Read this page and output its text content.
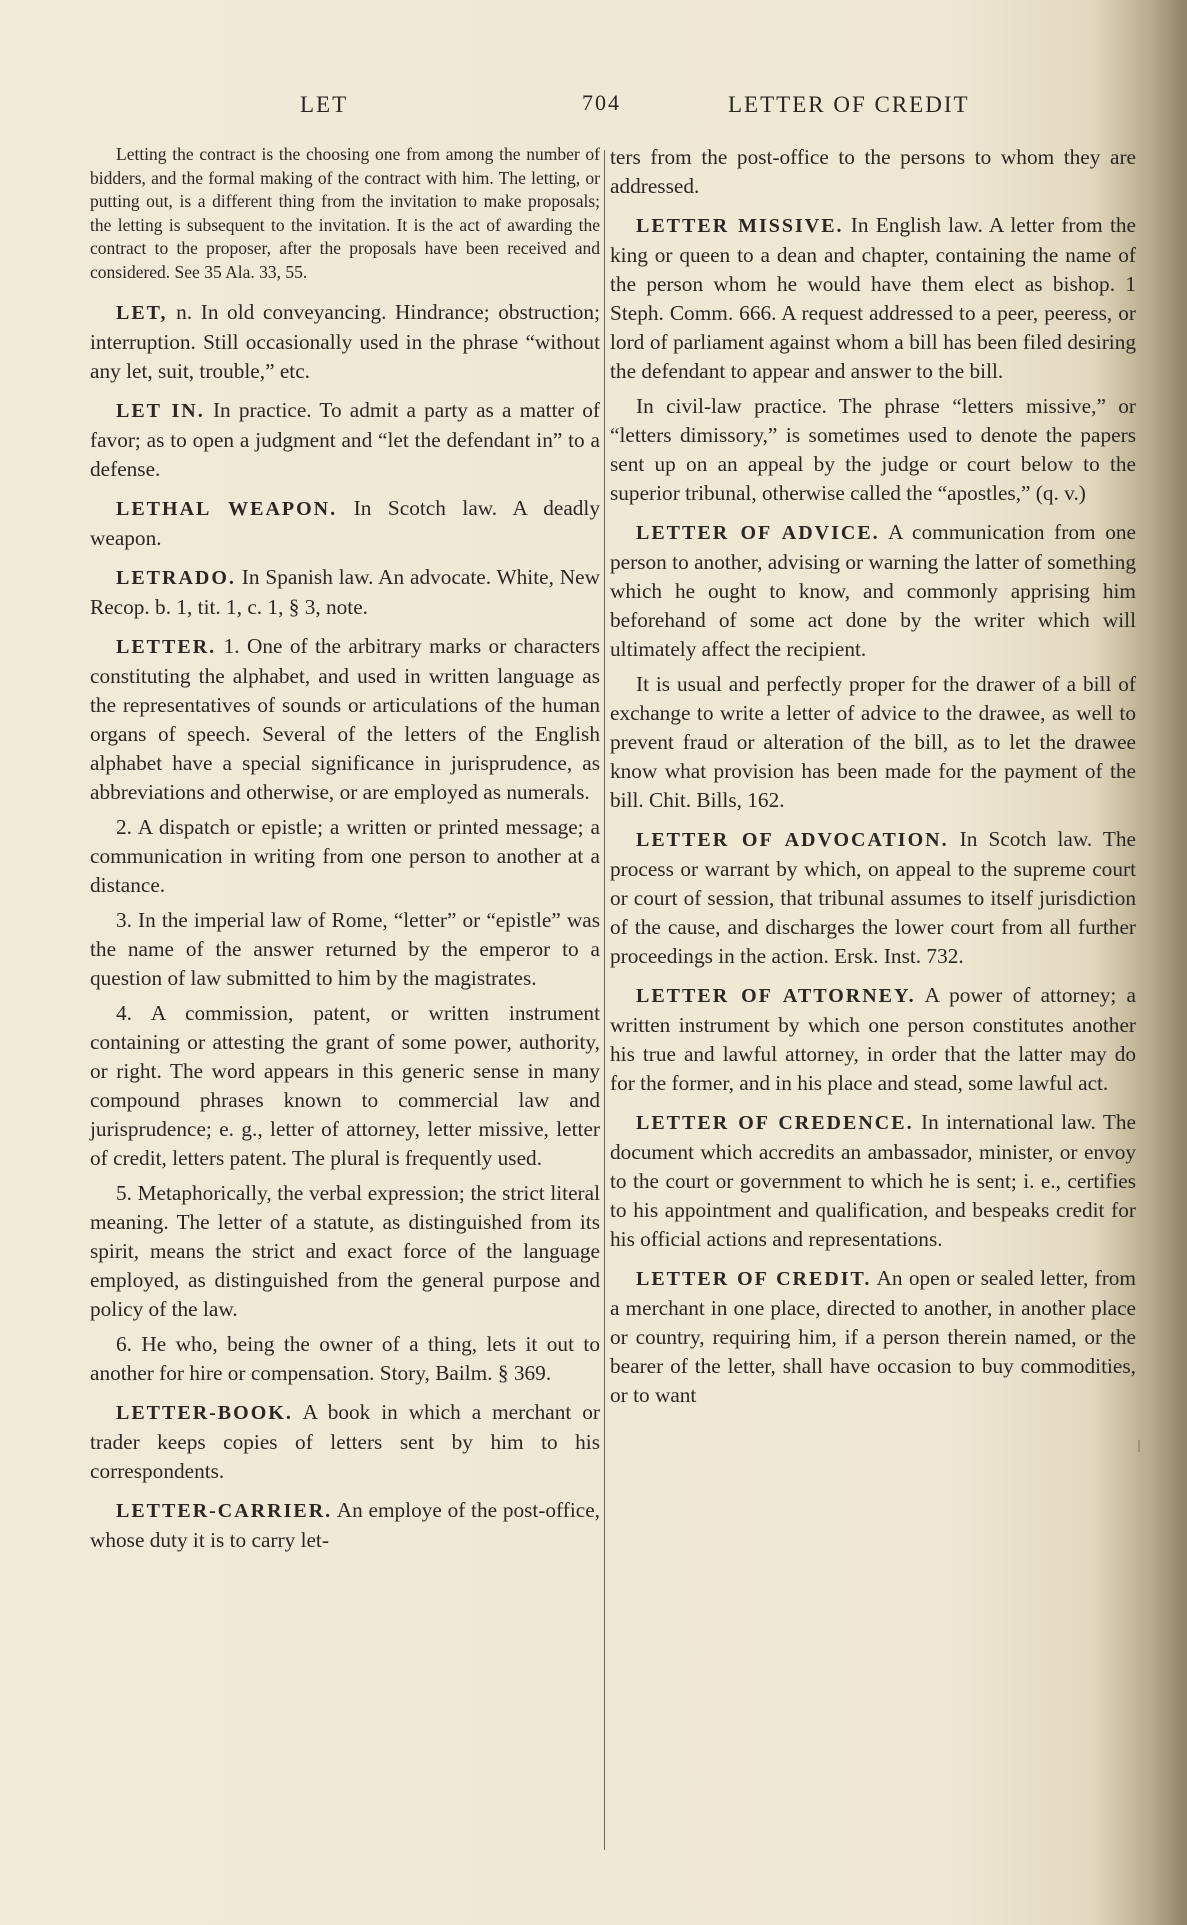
LET	704	LETTER OF CREDIT

Letting the contract is the choosing one from among the number of bidders, and the formal making of the contract with him. The letting, or putting out, is a different thing from the invitation to make proposals; the letting is subsequent to the invitation. It is the act of awarding the contract to the proposer, after the proposals have been received and considered. See 35 Ala. 33, 55.

LET, n. In old conveyancing. Hindrance; obstruction; interruption. Still occasionally used in the phrase “without any let, suit, trouble,” etc.

LET IN. In practice. To admit a party as a matter of favor; as to open a judgment and “let the defendant in” to a defense.

LETHAL WEAPON. In Scotch law. A deadly weapon.

LETRADO. In Spanish law. An advocate. White, New Recop. b. 1, tit. 1, c. 1, § 3, note.

LETTER. 1. One of the arbitrary marks or characters constituting the alphabet, and used in written language as the representatives of sounds or articulations of the human organs of speech. Several of the letters of the English alphabet have a special significance in jurisprudence, as abbreviations and otherwise, or are employed as numerals.

2. A dispatch or epistle; a written or printed message; a communication in writing from one person to another at a distance.

3. In the imperial law of Rome, “letter” or “epistle” was the name of the answer returned by the emperor to a question of law submitted to him by the magistrates.

4. A commission, patent, or written instrument containing or attesting the grant of some power, authority, or right. The word appears in this generic sense in many compound phrases known to commercial law and jurisprudence; e. g., letter of attorney, letter missive, letter of credit, letters patent. The plural is frequently used.

5. Metaphorically, the verbal expression; the strict literal meaning. The letter of a statute, as distinguished from its spirit, means the strict and exact force of the language employed, as distinguished from the general purpose and policy of the law.

6. He who, being the owner of a thing, lets it out to another for hire or compensation. Story, Bailm. § 369.

LETTER-BOOK. A book in which a merchant or trader keeps copies of letters sent by him to his correspondents.

LETTER-CARRIER. An employe of the post-office, whose duty it is to carry let-

ters from the post-office to the persons to whom they are addressed.

LETTER MISSIVE. In English law. A letter from the king or queen to a dean and chapter, containing the name of the person whom he would have them elect as bishop. 1 Steph. Comm. 666. A request addressed to a peer, peeress, or lord of parliament against whom a bill has been filed desiring the defendant to appear and answer to the bill.

In civil-law practice. The phrase “letters missive,” or “letters dimissory,” is sometimes used to denote the papers sent up on an appeal by the judge or court below to the superior tribunal, otherwise called the “apostles,” (q. v.)

LETTER OF ADVICE. A communication from one person to another, advising or warning the latter of something which he ought to know, and commonly apprising him beforehand of some act done by the writer which will ultimately affect the recipient.

It is usual and perfectly proper for the drawer of a bill of exchange to write a letter of advice to the drawee, as well to prevent fraud or alteration of the bill, as to let the drawee know what provision has been made for the payment of the bill. Chit. Bills, 162.

LETTER OF ADVOCATION. In Scotch law. The process or warrant by which, on appeal to the supreme court or court of session, that tribunal assumes to itself jurisdiction of the cause, and discharges the lower court from all further proceedings in the action. Ersk. Inst. 732.

LETTER OF ATTORNEY. A power of attorney; a written instrument by which one person constitutes another his true and lawful attorney, in order that the latter may do for the former, and in his place and stead, some lawful act.

LETTER OF CREDENCE. In international law. The document which accredits an ambassador, minister, or envoy to the court or government to which he is sent; i. e., certifies to his appointment and qualification, and bespeaks credit for his official actions and representations.

LETTER OF CREDIT. An open or sealed letter, from a merchant in one place, directed to another, in another place or country, requiring him, if a person therein named, or the bearer of the letter, shall have occasion to buy commodities, or to want
